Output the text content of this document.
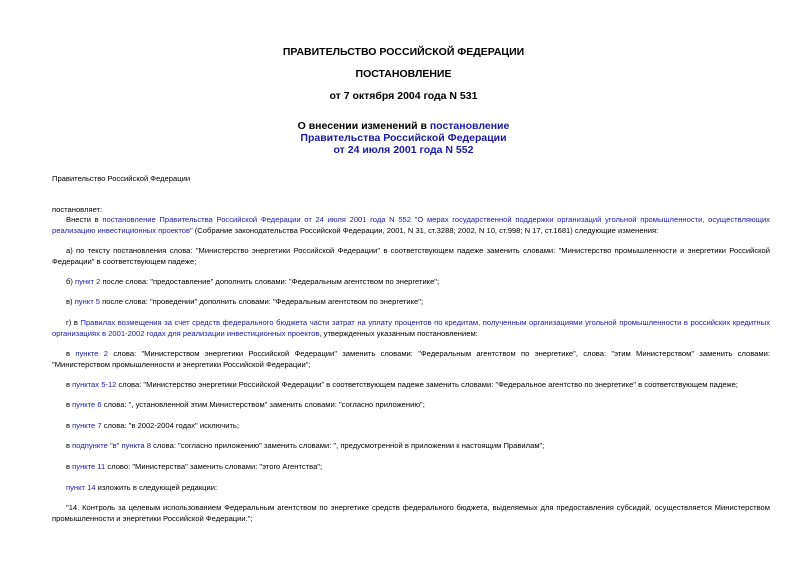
ПРАВИТЕЛЬСТВО РОССИЙСКОЙ ФЕДЕРАЦИИ
ПОСТАНОВЛЕНИЕ
от 7 октября 2004 года N 531
О внесении изменений в постановление
Правительства Российской Федерации
от 24 июля 2001 года N 552

Правительство Российской Федерации

постановляет:

Внести в постановление Правительства Российской Федерации от 24 июля 2001 года N 552 "О мерах государственной поддержки организаций угольной промышленности, осуществляющих реализацию инвестиционных проектов" (Собрание законодательства Российской Федерации, 2001, N 31, ст.3288; 2002, N 10, ст.998; N 17, ст.1681) следующие изменения:

а) по тексту постановления слова: "Министерство энергетики Российской Федерации" в соответствующем падеже заменить словами: "Министерство промышленности и энергетики Российской Федерации" в соответствующем падеже;

б) пункт 2 после слова: "предоставление" дополнить словами: "Федеральным агентством по энергетике";

в) пункт 5 после слова: "проведении" дополнить словами: "Федеральным агентством по энергетике";

г) в Правилах возмещения за счет средств федерального бюджета части затрат на уплату процентов по кредитам, полученным организациями угольной промышленности в российских кредитных организациях в 2001-2002 годах для реализации инвестиционных проектов, утвержденных указанным постановлением:

в пункте 2 слова: "Министерством энергетики Российской Федерации" заменить словами: "Федеральным агентством по энергетике", слова: "этим Министерством" заменить словами: "Министерством промышленности и энергетики Российской Федерации";

в пунктах 5-12 слова: "Министерство энергетики Российской Федерации" в соответствующем падеже заменить словами: "Федеральное агентство по энергетике" в соответствующем падеже;

в пункте 6 слова: ", установленной этим Министерством" заменить словами: "согласно приложению";

в пункте 7 слова: "в 2002-2004 годах" исключить;

в подпункте "в" пункта 8 слова: "согласно приложению" заменить словами: ", предусмотренной в приложении к настоящим Правилам";

в пункте 11 слово: "Министерства" заменить словами: "этого Агентства";

пункт 14 изложить в следующей редакции:

"14. Контроль за целевым использованием Федеральным агентством по энергетике средств федерального бюджета, выделяемых для предоставления субсидий, осуществляется Министерством промышленности и энергетики Российской Федерации.";
